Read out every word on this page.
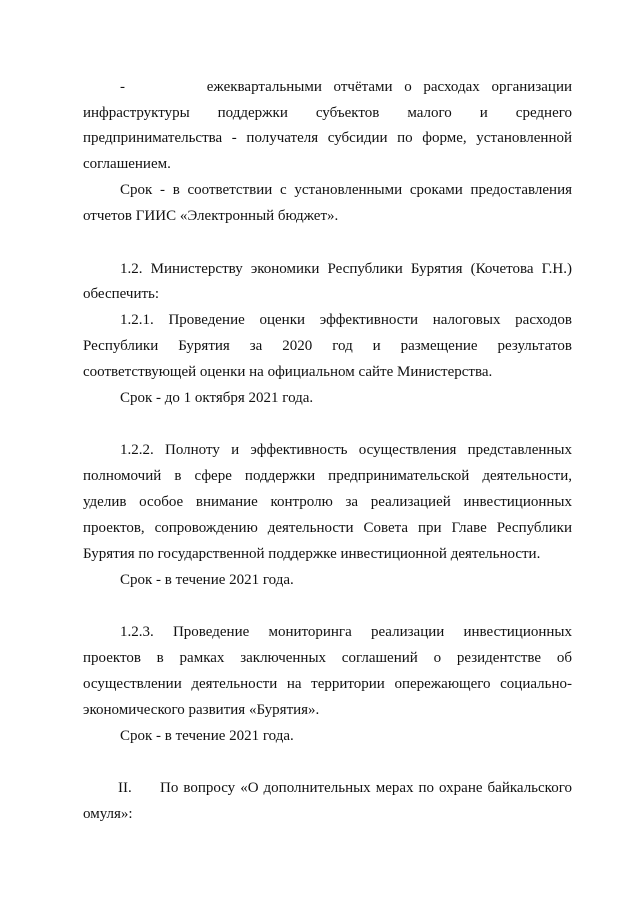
-       ежеквартальными отчётами о расходах организации
инфраструктуры поддержки субъектов малого и среднего
предпринимательства - получателя субсидии по форме, установленной
соглашением.
Срок - в соответствии с установленными сроками предоставления
отчетов ГИИС «Электронный бюджет».
1.2. Министерству экономики Республики Бурятия (Кочетова Г.Н.)
обеспечить:
1.2.1. Проведение оценки эффективности налоговых расходов
Республики Бурятия за 2020 год и размещение результатов
соответствующей оценки на официальном сайте Министерства.
Срок - до 1 октября 2021 года.
1.2.2. Полноту и эффективность осуществления представленных
полномочий в сфере поддержки предпринимательской деятельности,
уделив особое внимание контролю за реализацией инвестиционных
проектов, сопровождению деятельности Совета при Главе Республики
Бурятия по государственной поддержке инвестиционной деятельности.
Срок - в течение 2021 года.
1.2.3. Проведение мониторинга реализации инвестиционных
проектов в рамках заключенных соглашений о резидентстве об
осуществлении деятельности на территории опережающего социально-
экономического развития «Бурятия».
Срок - в течение 2021 года.
II. По вопросу «О дополнительных мерах по охране байкальского
омуля»:
